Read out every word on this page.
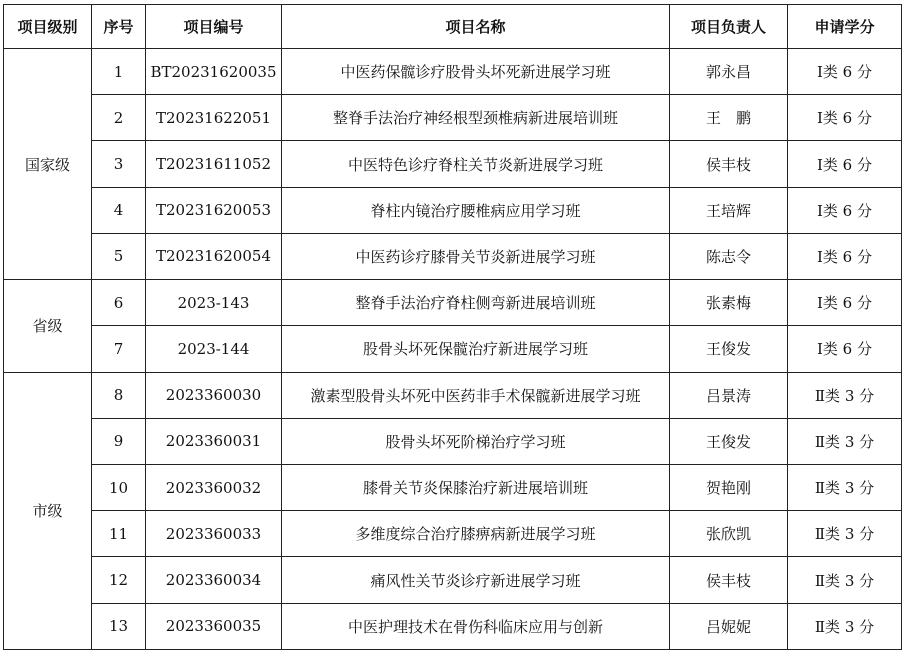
项目级别	序号	项目编号	项目名称	项目负责人	申请学分
国家级	1	BT20231620035	中医药保髋诊疗股骨头坏死新进展学习班	郭永昌	Ⅰ类 6 分
	2	T20231622051	整脊手法治疗神经根型颈椎病新进展培训班	王　鹏	Ⅰ类 6 分
	3	T20231611052	中医特色诊疗脊柱关节炎新进展学习班	侯丰枝	Ⅰ类 6 分
	4	T20231620053	脊柱内镜治疗腰椎病应用学习班	王培辉	Ⅰ类 6 分
	5	T20231620054	中医药诊疗膝骨关节炎新进展学习班	陈志令	Ⅰ类 6 分
省级	6	2023-143	整脊手法治疗脊柱侧弯新进展培训班	张素梅	Ⅰ类 6 分
	7	2023-144	股骨头坏死保髋治疗新进展学习班	王俊发	Ⅰ类 6 分
市级	8	2023360030	激素型股骨头坏死中医药非手术保髋新进展学习班	吕景涛	Ⅱ类 3 分
	9	2023360031	股骨头坏死阶梯治疗学习班	王俊发	Ⅱ类 3 分
	10	2023360032	膝骨关节炎保膝治疗新进展培训班	贺艳刚	Ⅱ类 3 分
	11	2023360033	多维度综合治疗膝痹病新进展学习班	张欣凯	Ⅱ类 3 分
	12	2023360034	痛风性关节炎诊疗新进展学习班	侯丰枝	Ⅱ类 3 分
	13	2023360035	中医护理技术在骨伤科临床应用与创新	吕妮妮	Ⅱ类 3 分
